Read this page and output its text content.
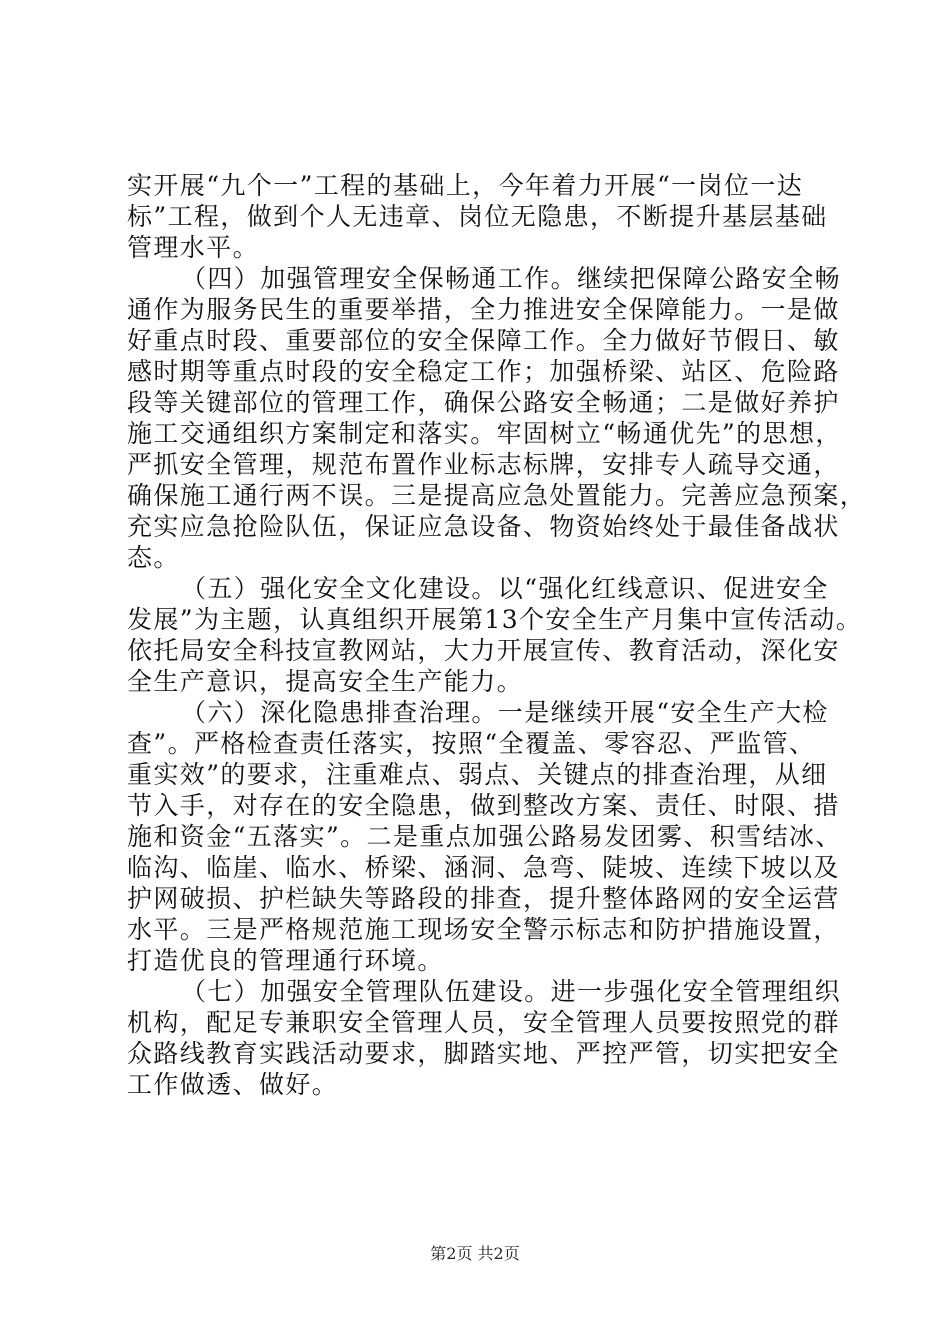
实开展“九个一”工程的基础上，今年着力开展“一岗位一达
标”工程，做到个人无违章、岗位无隐患，不断提升基层基础
管理水平。
（四）加强管理安全保畅通工作。继续把保障公路安全畅
通作为服务民生的重要举措，全力推进安全保障能力。一是做
好重点时段、重要部位的安全保障工作。全力做好节假日、敏
感时期等重点时段的安全稳定工作；加强桥梁、站区、危险路
段等关键部位的管理工作，确保公路安全畅通；二是做好养护
施工交通组织方案制定和落实。牢固树立“畅通优先”的思想，
严抓安全管理，规范布置作业标志标牌，安排专人疏导交通，
确保施工通行两不误。三是提高应急处置能力。完善应急预案，
充实应急抢险队伍，保证应急设备、物资始终处于最佳备战状
态。
（五）强化安全文化建设。以“强化红线意识、促进安全
发展”为主题，认真组织开展第13个安全生产月集中宣传活动。
依托局安全科技宣教网站，大力开展宣传、教育活动，深化安
全生产意识，提高安全生产能力。
（六）深化隐患排查治理。一是继续开展“安全生产大检
查”。严格检查责任落实，按照“全覆盖、零容忍、严监管、
重实效”的要求，注重难点、弱点、关键点的排查治理，从细
节入手，对存在的安全隐患，做到整改方案、责任、时限、措
施和资金“五落实”。二是重点加强公路易发团雾、积雪结冰、
临沟、临崖、临水、桥梁、涵洞、急弯、陡坡、连续下坡以及
护网破损、护栏缺失等路段的排查，提升整体路网的安全运营
水平。三是严格规范施工现场安全警示标志和防护措施设置，
打造优良的管理通行环境。
（七）加强安全管理队伍建设。进一步强化安全管理组织
机构，配足专兼职安全管理人员，安全管理人员要按照党的群
众路线教育实践活动要求，脚踏实地、严控严管，切实把安全
工作做透、做好。
第2页 共2页
